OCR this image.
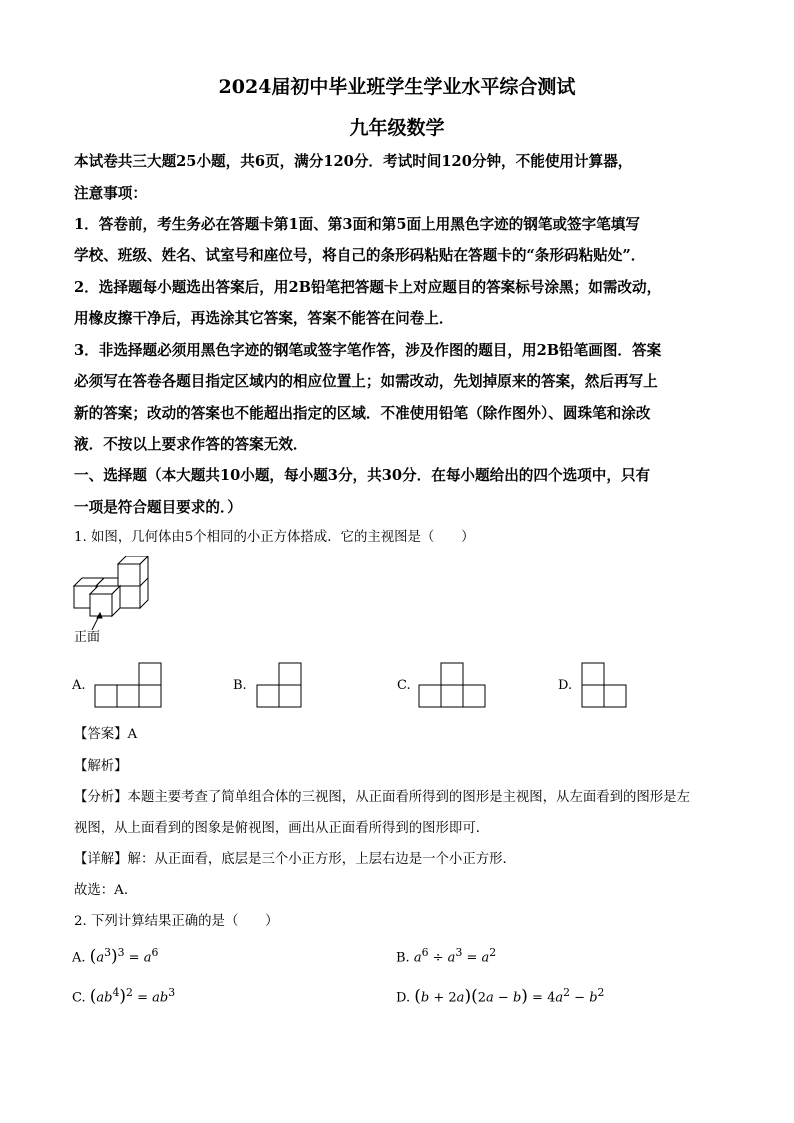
2024届初中毕业班学生学业水平综合测试
九年级数学
本试卷共三大题25小题，共6页，满分120分．考试时间120分钟，不能使用计算器，
注意事项：
1．答卷前，考生务必在答题卡第1面、第3面和第5面上用黑色字迹的钢笔或签字笔填写
学校、班级、姓名、试室号和座位号，将自己的条形码粘贴在答题卡的“条形码粘贴处”．
2．选择题每小题选出答案后，用2B铅笔把答题卡上对应题目的答案标号涂黑；如需改动，
用橡皮擦干净后，再选涂其它答案，答案不能答在问卷上．
3．非选择题必须用黑色字迹的钢笔或签字笔作答，涉及作图的题目，用2B铅笔画图．答案
必须写在答卷各题目指定区域内的相应位置上；如需改动，先划掉原来的答案，然后再写上
新的答案；改动的答案也不能超出指定的区域．不准使用铅笔（除作图外）、圆珠笔和涂改
液．不按以上要求作答的答案无效．
一、选择题（本大题共10小题，每小题3分，共30分．在每小题给出的四个选项中，只有
一项是符合题目要求的．）
1. 如图，几何体由5个相同的小正方体搭成．它的主视图是（　　）
正面
A.	B.	C.	D.
【答案】A
【解析】
【分析】本题主要考查了简单组合体的三视图，从正面看所得到的图形是主视图，从左面看到的图形是左
视图，从上面看到的图象是俯视图，画出从正面看所得到的图形即可．
【详解】解：从正面看，底层是三个小正方形，上层右边是一个小正方形．
故选：A．
2. 下列计算结果正确的是（　　）
A. $(a^3)^3 = a^6$	B. $a^6 \div a^3 = a^2$
C. $(ab^4)^2 = ab^3$	D. $(b + 2a)(2a - b) = 4a^2 - b^2$
